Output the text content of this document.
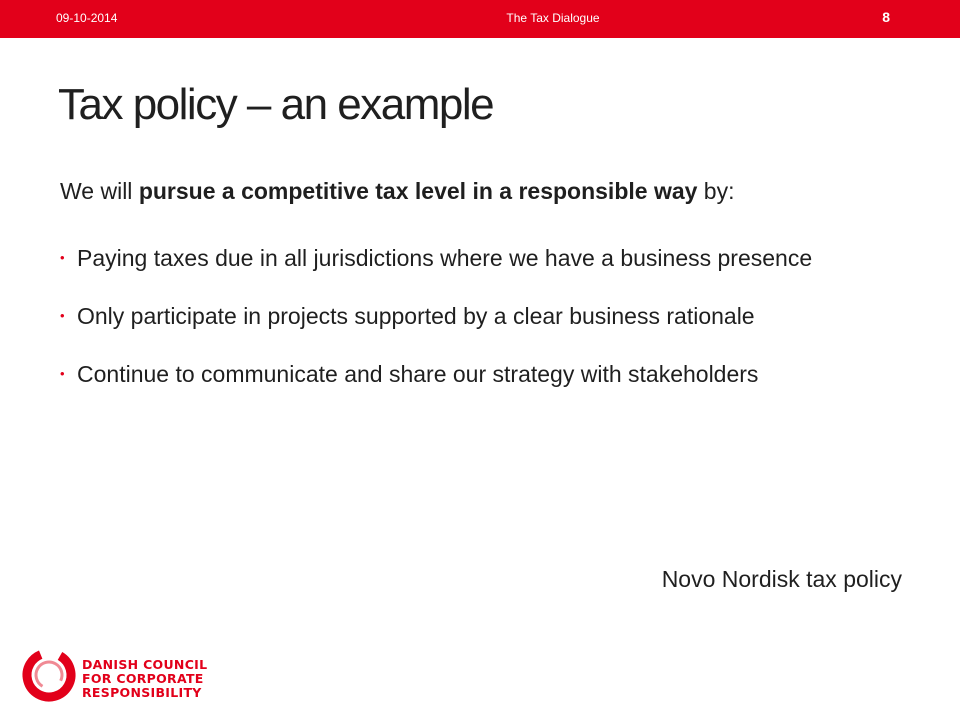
09-10-2014	The Tax Dialogue	8
Tax policy – an example

We will pursue a competitive tax level in a responsible way by:

• Paying taxes due in all jurisdictions where we have a business presence
• Only participate in projects supported by a clear business rationale
• Continue to communicate and share our strategy with stakeholders

Novo Nordisk tax policy

DANISH COUNCIL
FOR CORPORATE
RESPONSIBILITY
